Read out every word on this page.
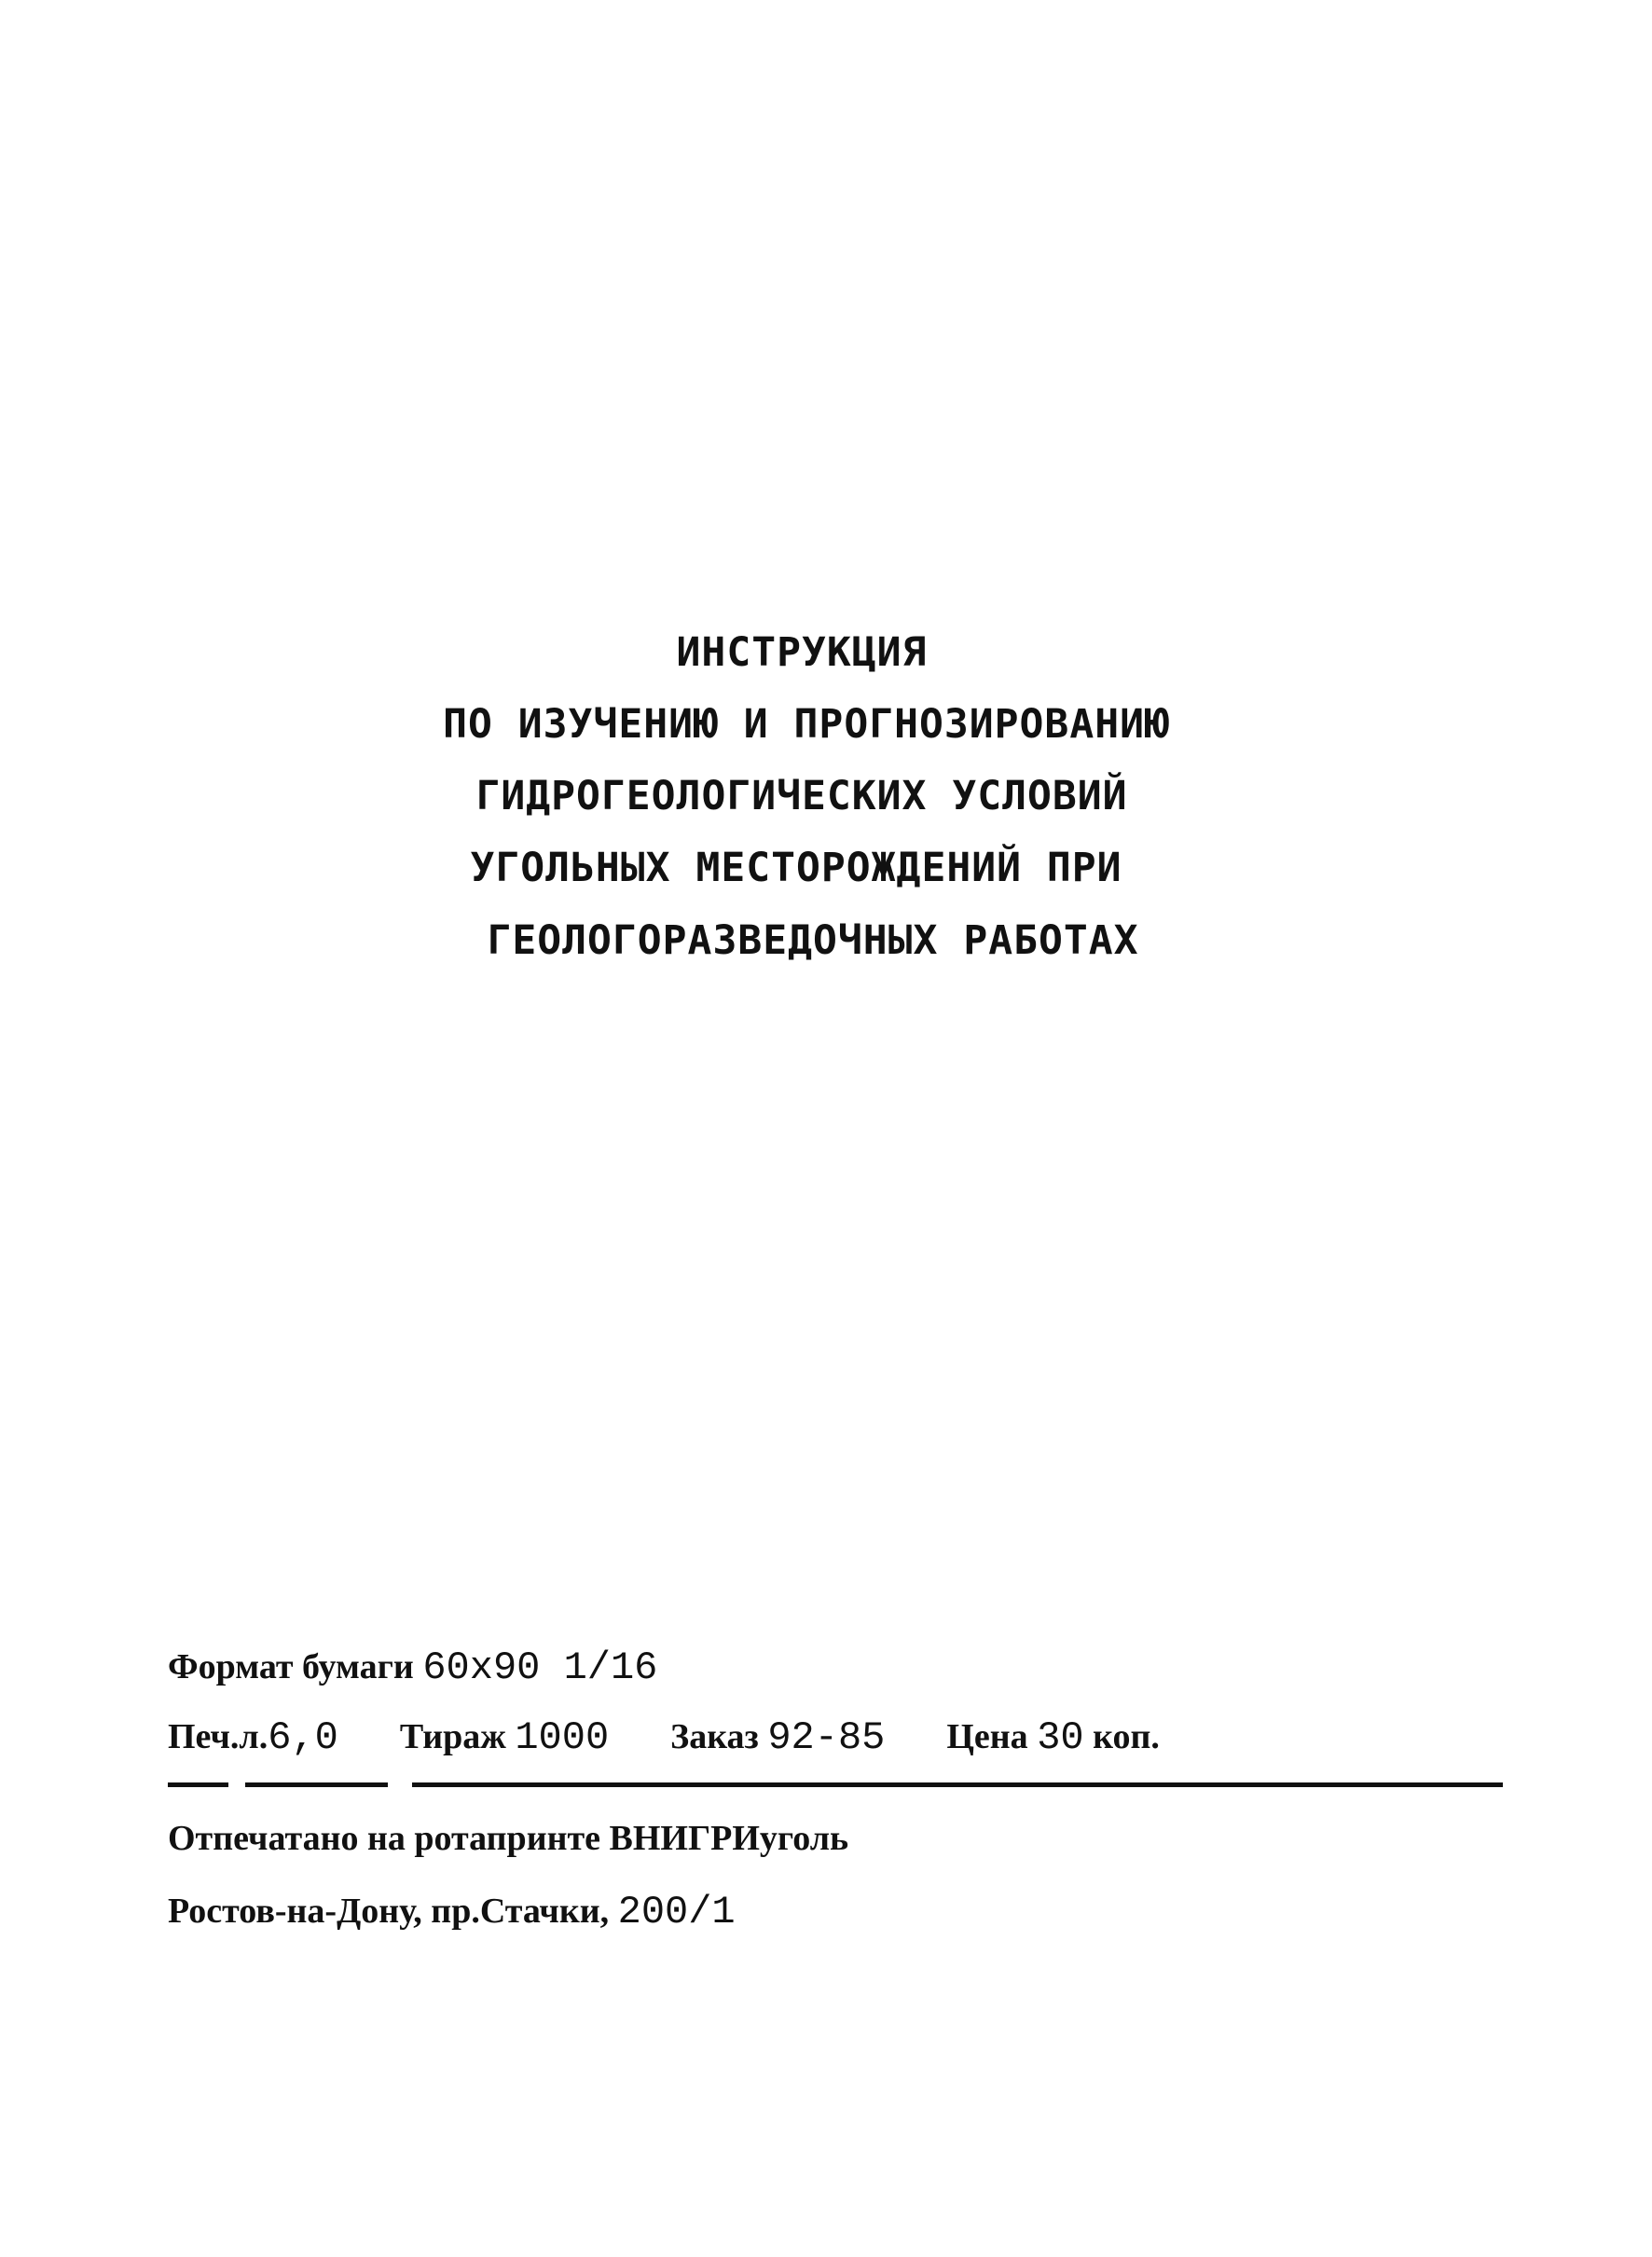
ИНСТРУКЦИЯ
ПО ИЗУЧЕНИЮ И ПРОГНОЗИРОВАНИЮ
ГИДРОГЕОЛОГИЧЕСКИХ УСЛОВИЙ
УГОЛЬНЫХ МЕСТОРОЖДЕНИЙ ПРИ
ГЕОЛОГОРАЗВЕДОЧНЫХ РАБОТАХ
Формат бумаги 60x90 1/16
Печ.л.6,0 Тираж 1000 Заказ 92-85 Цена 30 коп.
Отпечатано на ротапринте ВНИГРИуголь
Ростов-на-Дону, пр.Стачки, 200/1
